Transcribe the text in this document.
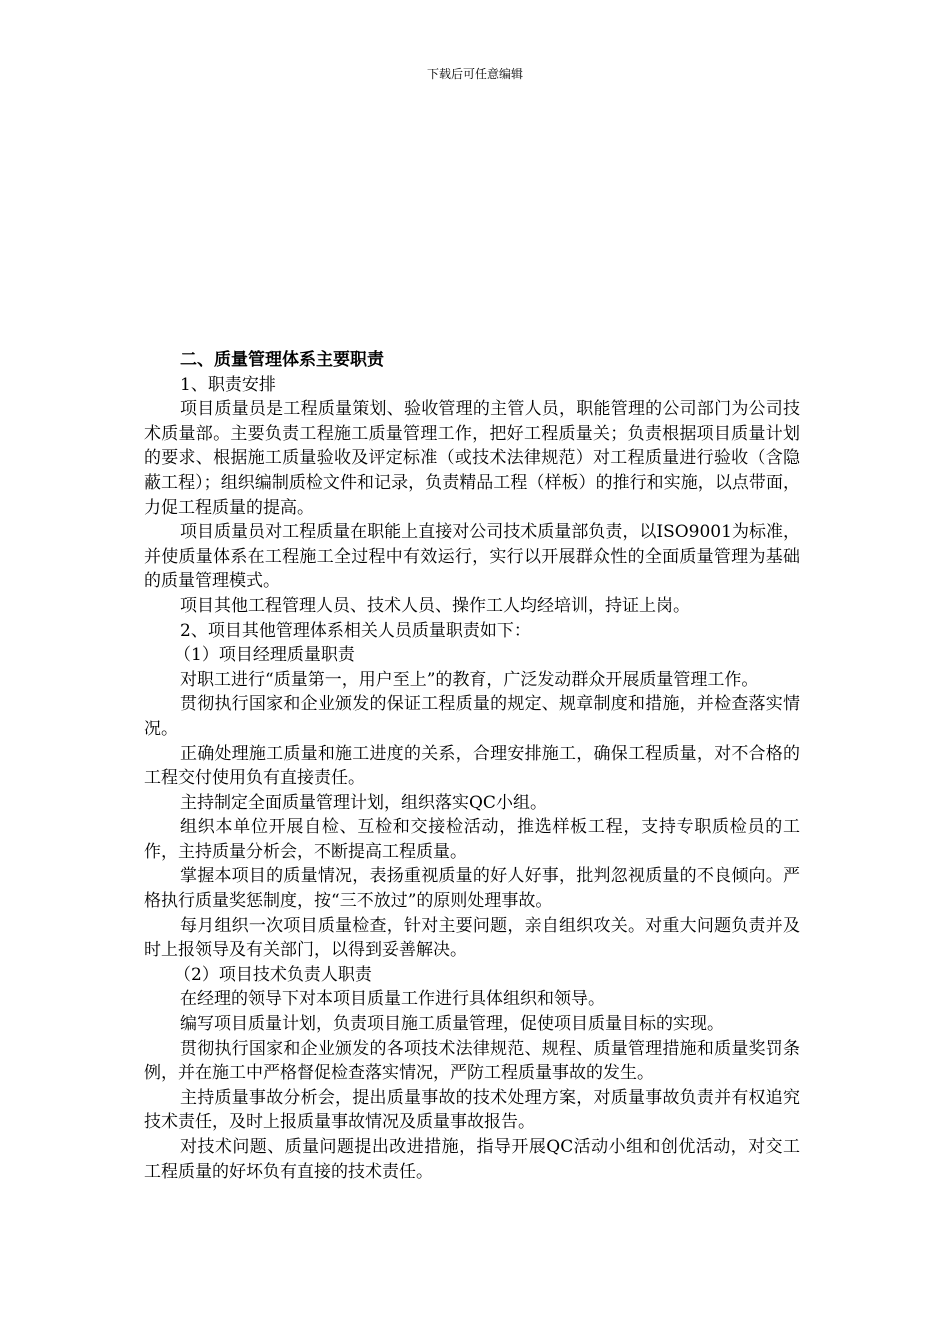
下载后可任意编辑

二、质量管理体系主要职责

1、职责安排

项目质量员是工程质量策划、验收管理的主管人员，职能管理的公司部门为公司技术质量部。主要负责工程施工质量管理工作，把好工程质量关；负责根据项目质量计划的要求、根据施工质量验收及评定标准（或技术法律规范）对工程质量进行验收（含隐蔽工程）；组织编制质检文件和记录，负责精品工程（样板）的推行和实施，以点带面，力促工程质量的提高。

项目质量员对工程质量在职能上直接对公司技术质量部负责，以ISO9001为标准，并使质量体系在工程施工全过程中有效运行，实行以开展群众性的全面质量管理为基础的质量管理模式。

项目其他工程管理人员、技术人员、操作工人均经培训，持证上岗。

2、项目其他管理体系相关人员质量职责如下：

（1）项目经理质量职责

对职工进行“质量第一，用户至上”的教育，广泛发动群众开展质量管理工作。

贯彻执行国家和企业颁发的保证工程质量的规定、规章制度和措施，并检查落实情况。

正确处理施工质量和施工进度的关系，合理安排施工，确保工程质量，对不合格的工程交付使用负有直接责任。

主持制定全面质量管理计划，组织落实QC小组。

组织本单位开展自检、互检和交接检活动，推选样板工程，支持专职质检员的工作，主持质量分析会，不断提高工程质量。

掌握本项目的质量情况，表扬重视质量的好人好事，批判忽视质量的不良倾向。严格执行质量奖惩制度，按“三不放过”的原则处理事故。

每月组织一次项目质量检查，针对主要问题，亲自组织攻关。对重大问题负责并及时上报领导及有关部门，以得到妥善解决。

（2）项目技术负责人职责

在经理的领导下对本项目质量工作进行具体组织和领导。

编写项目质量计划，负责项目施工质量管理，促使项目质量目标的实现。

贯彻执行国家和企业颁发的各项技术法律规范、规程、质量管理措施和质量奖罚条例，并在施工中严格督促检查落实情况，严防工程质量事故的发生。

主持质量事故分析会，提出质量事故的技术处理方案，对质量事故负责并有权追究技术责任，及时上报质量事故情况及质量事故报告。

对技术问题、质量问题提出改进措施，指导开展QC活动小组和创优活动，对交工工程质量的好坏负有直接的技术责任。
